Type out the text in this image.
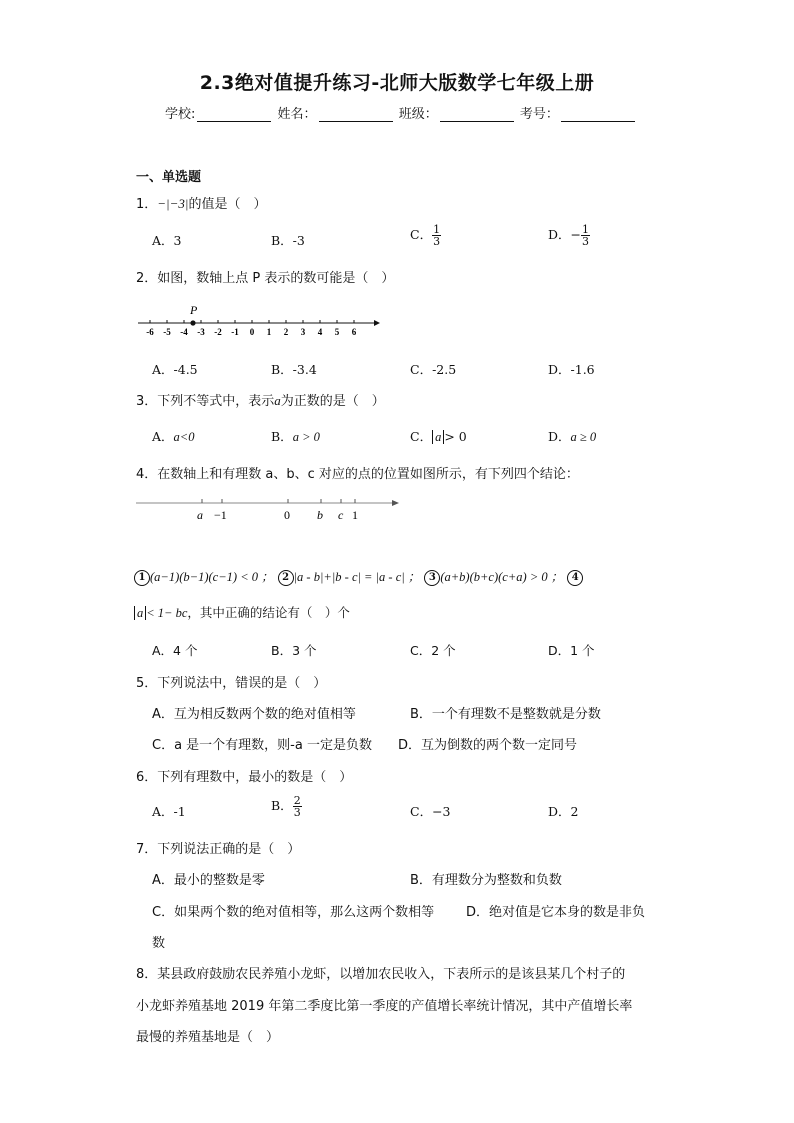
2.3绝对值提升练习-北师大版数学七年级上册
学校:	姓名：	班级：	考号：
一、单选题
1．−|−3|的值是（　）
A．3	B．-3	C． $\frac{1}{3}$	D．− $\frac{1}{3}$
2．如图，数轴上点 P 表示的数可能是（　）
-6 -5 -4 -3 -2 -1 0 1 2 3 4 5 6
P
A．-4.5	B．-3.4	C．-2.5	D．-1.6
3．下列不等式中，表示a为正数的是（　）
A．a<0	B．a > 0	C． a > 0	D．a ≥ 0
4．在数轴上和有理数 a、b、c 对应的点的位置如图所示，有下列四个结论：
a −1	0 b c 1
1 (a−1)(b−1)(c−1) < 0 ； 2 |a - b|+|b - c| = |a - c| ； 3 (a+b)(b+c)(c+a) > 0 ； 4
a < 1− bc，其中正确的结论有（　）个
A．4 个	B．3 个	C．2 个	D．1 个
5．下列说法中，错误的是（　）
A．互为相反数两个数的绝对值相等	B．一个有理数不是整数就是分数
C．a 是一个有理数，则-a 一定是负数 D．互为倒数的两个数一定同号
6．下列有理数中，最小的数是（　）
A．-1	B． $\frac{2}{3}$	C．−3	D．2
7．下列说法正确的是（　）
A．最小的整数是零	B．有理数分为整数和负数
C．如果两个数的绝对值相等，那么这两个数相等 D．绝对值是它本身的数是非负
数
8．某县政府鼓励农民养殖小龙虾，以增加农民收入，下表所示的是该县某几个村子的
小龙虾养殖基地 2019 年第二季度比第一季度的产值增长率统计情况，其中产值增长率
最慢的养殖基地是（　）
